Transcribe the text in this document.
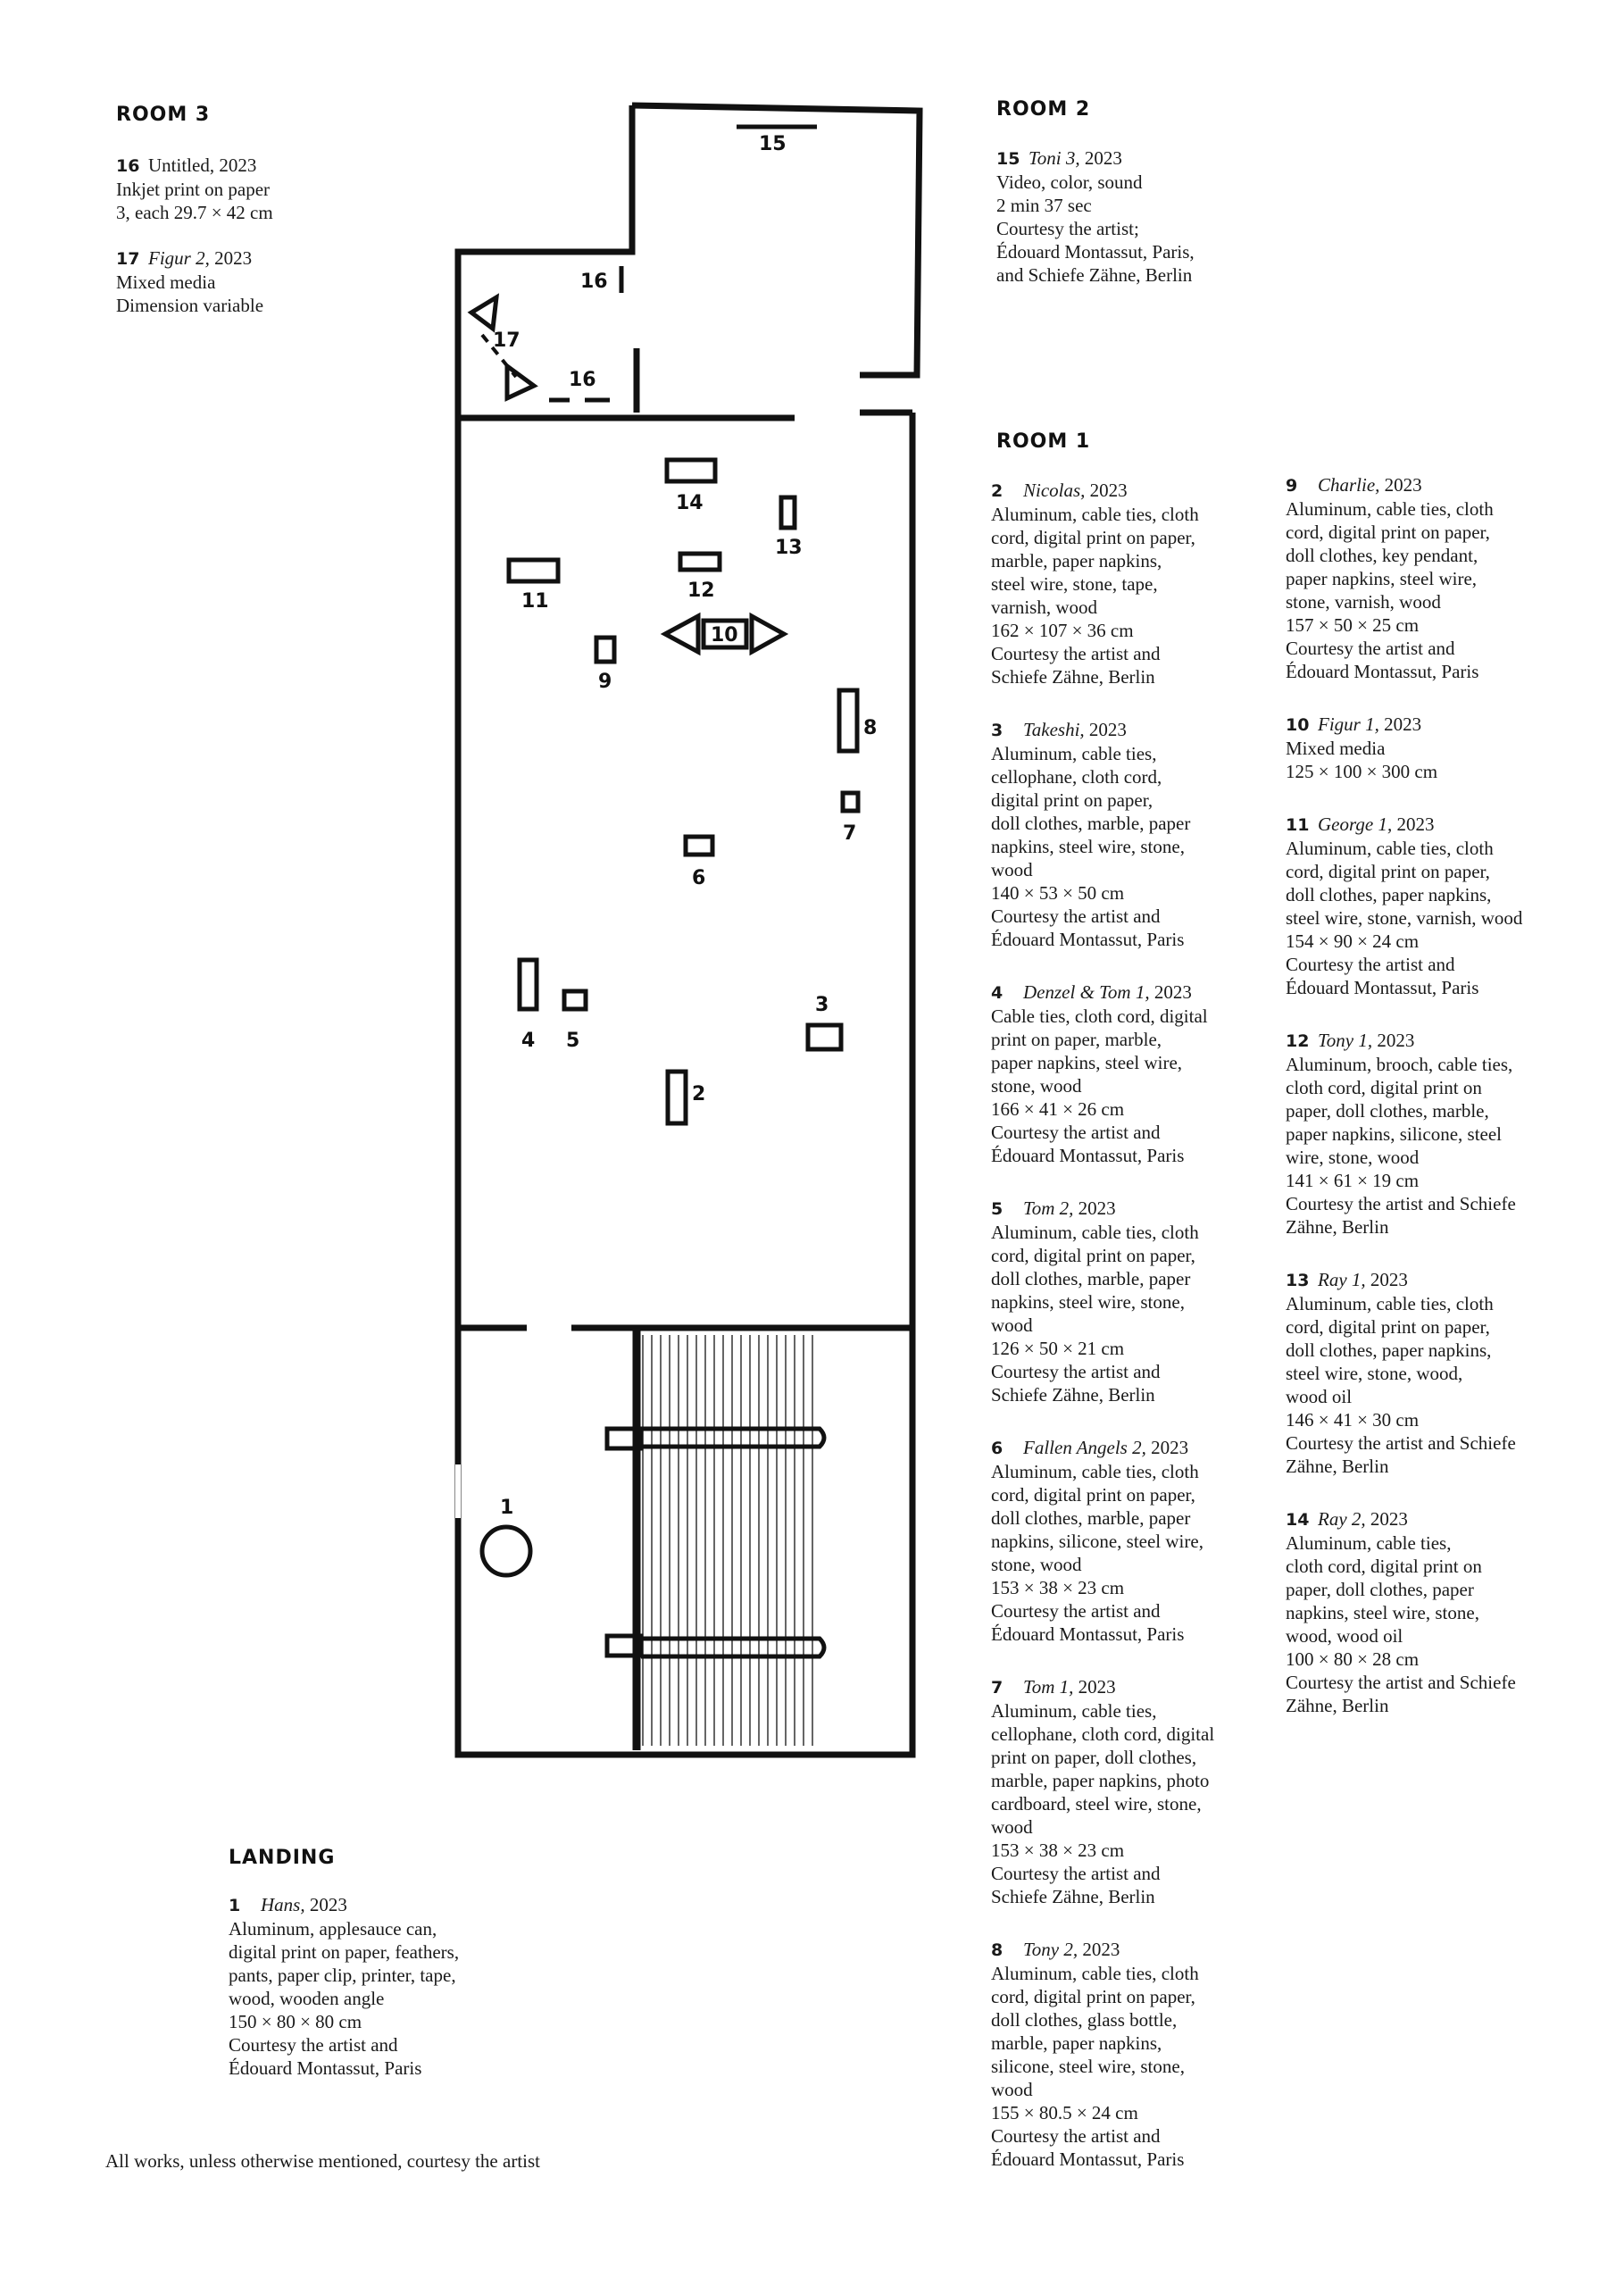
1
2
3
4 5
6
7
8
9
10
11	12
13
14
15
16
16
17
ROOM 3	ROOM 2
ROOM 1
LANDING
16 Untitled, 2023
Inkjet print on paper
3, each 29.7 × 42 cm
17 Figur 2, 2023
Mixed media
Dimension variable
15 Toni 3, 2023
Video, color, sound
2 min 37 sec
Courtesy the artist;
Édouard Montassut, Paris,
and Schiefe Zähne, Berlin
2 Nicolas, 2023
Aluminum, cable ties, cloth
cord, digital print on paper,
marble, paper napkins,
steel wire, stone, tape,
varnish, wood
162 × 107 × 36 cm
Courtesy the artist and
Schiefe Zähne, Berlin
3 Takeshi, 2023
Aluminum, cable ties,
cellophane, cloth cord,
digital print on paper,
doll clothes, marble, paper
napkins, steel wire, stone,
wood
140 × 53 × 50 cm
Courtesy the artist and
Édouard Montassut, Paris
4 Denzel & Tom 1, 2023
Cable ties, cloth cord, digital
print on paper, marble,
paper napkins, steel wire,
stone, wood
166 × 41 × 26 cm
Courtesy the artist and
Édouard Montassut, Paris
5 Tom 2, 2023
Aluminum, cable ties, cloth
cord, digital print on paper,
doll clothes, marble, paper
napkins, steel wire, stone,
wood
126 × 50 × 21 cm
Courtesy the artist and
Schiefe Zähne, Berlin
6 Fallen Angels 2, 2023
Aluminum, cable ties, cloth
cord, digital print on paper,
doll clothes, marble, paper
napkins, silicone, steel wire,
stone, wood
153 × 38 × 23 cm
Courtesy the artist and
Édouard Montassut, Paris
7 Tom 1, 2023
Aluminum, cable ties,
cellophane, cloth cord, digital
print on paper, doll clothes,
marble, paper napkins, photo
cardboard, steel wire, stone,
wood
153 × 38 × 23 cm
Courtesy the artist and
Schiefe Zähne, Berlin
8 Tony 2, 2023
Aluminum, cable ties, cloth
cord, digital print on paper,
doll clothes, glass bottle,
marble, paper napkins,
silicone, steel wire, stone,
wood
155 × 80.5 × 24 cm
Courtesy the artist and
Édouard Montassut, Paris
9 Charlie, 2023
Aluminum, cable ties, cloth
cord, digital print on paper,
doll clothes, key pendant,
paper napkins, steel wire,
stone, varnish, wood
157 × 50 × 25 cm
Courtesy the artist and
Édouard Montassut, Paris
10 Figur 1, 2023
Mixed media
125 × 100 × 300 cm
11 George 1, 2023
Aluminum, cable ties, cloth
cord, digital print on paper,
doll clothes, paper napkins,
steel wire, stone, varnish, wood
154 × 90 × 24 cm
Courtesy the artist and
Édouard Montassut, Paris
12 Tony 1, 2023
Aluminum, brooch, cable ties,
cloth cord, digital print on
paper, doll clothes, marble,
paper napkins, silicone, steel
wire, stone, wood
141 × 61 × 19 cm
Courtesy the artist and Schiefe
Zähne, Berlin
13 Ray 1, 2023
Aluminum, cable ties, cloth
cord, digital print on paper,
doll clothes, paper napkins,
steel wire, stone, wood,
wood oil
146 × 41 × 30 cm
Courtesy the artist and Schiefe
Zähne, Berlin
14 Ray 2, 2023
Aluminum, cable ties,
cloth cord, digital print on
paper, doll clothes, paper
napkins, steel wire, stone,
wood, wood oil
100 × 80 × 28 cm
Courtesy the artist and Schiefe
Zähne, Berlin
1 Hans, 2023
Aluminum, applesauce can,
digital print on paper, feathers,
pants, paper clip, printer, tape,
wood, wooden angle
150 × 80 × 80 cm
Courtesy the artist and
Édouard Montassut, Paris
All works, unless otherwise mentioned, courtesy the artist
